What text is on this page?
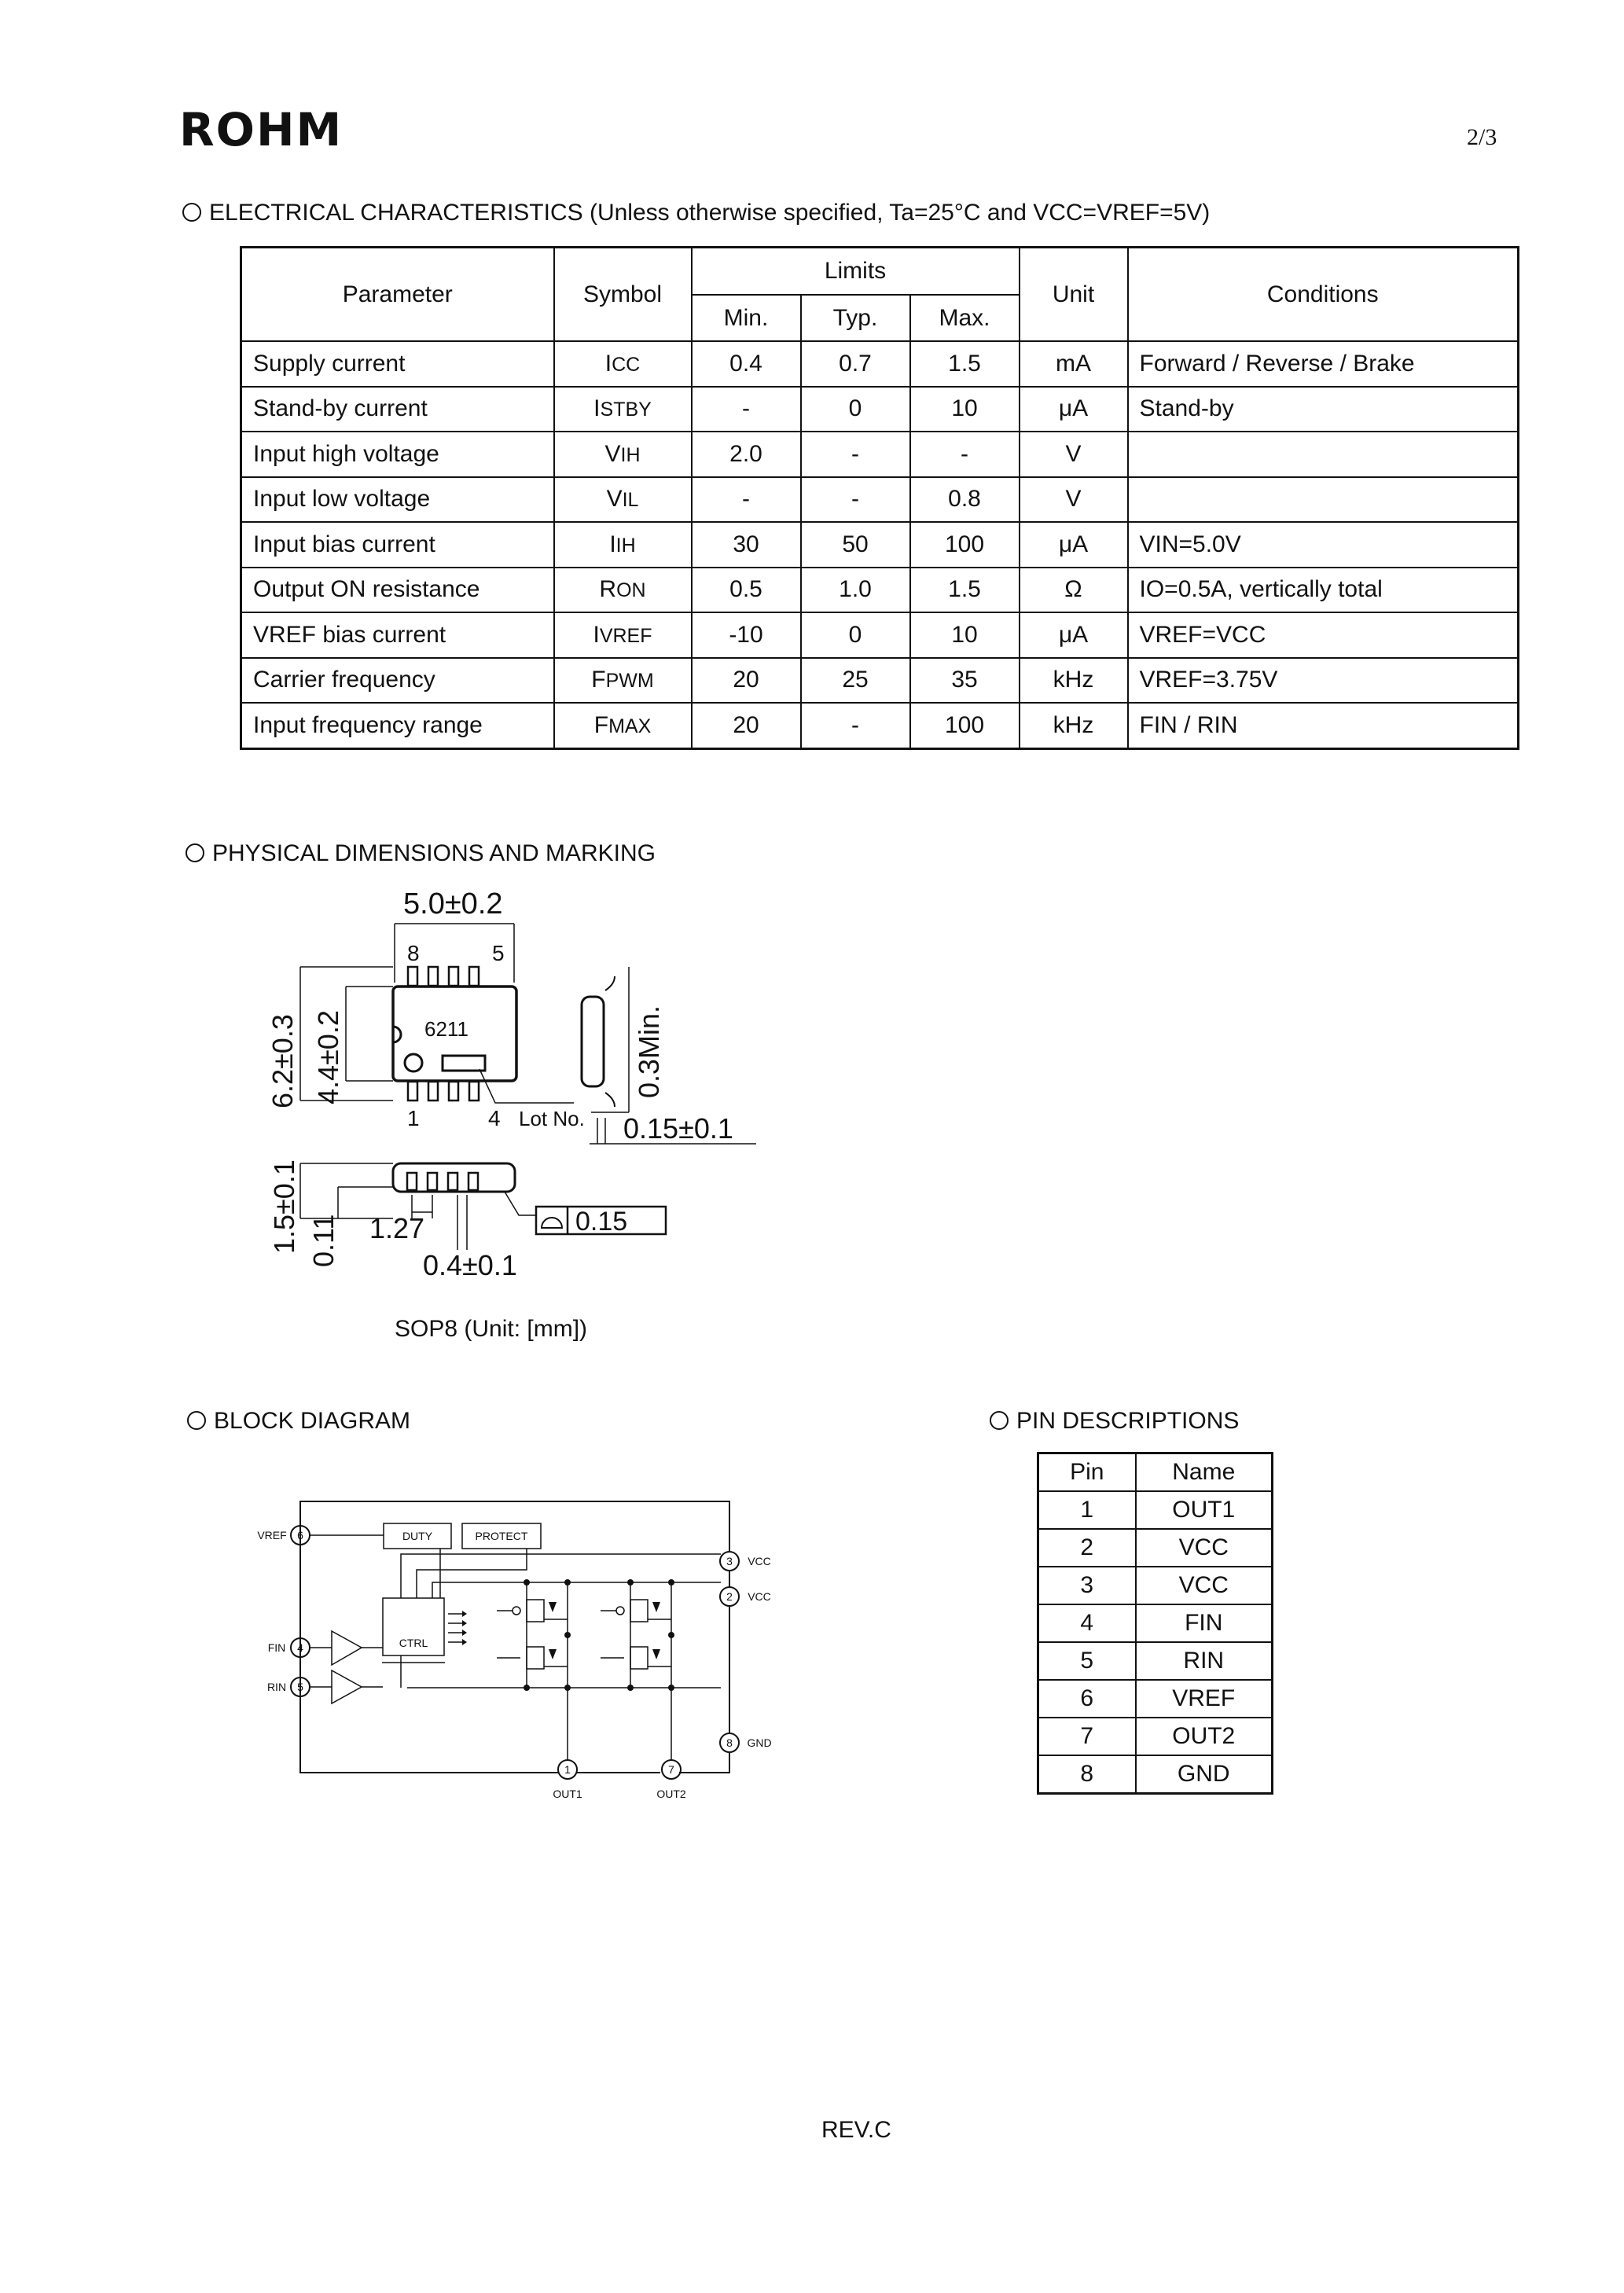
ROHM	2/3
ELECTRICAL CHARACTERISTICS (Unless otherwise specified, Ta=25°C and VCC=VREF=5V)
Parameter	Symbol	Limits			Unit	Conditions
		Min.	Typ.	Max.		
Supply current	ICC	0.4	0.7	1.5	mA	Forward / Reverse / Brake
Stand-by current	ISTBY	-	0	10	μA	Stand-by
Input high voltage	VIH	2.0	-	-	V	
Input low voltage	VIL	-	-	0.8	V	
Input bias current	IIH	30	50	100	μA	VIN=5.0V
Output ON resistance	RON	0.5	1.0	1.5	Ω	IO=0.5A, vertically total
VREF bias current	IVREF	-10	0	10	μA	VREF=VCC
Carrier frequency	FPWM	20	25	35	kHz	VREF=3.75V
Input frequency range	FMAX	20	-	100	kHz	FIN / RIN
PHYSICAL DIMENSIONS AND MARKING
5.0±0.2
8	5
6211
1	4 Lot No.
6.2±0.3 4.4±0.2	0.3Min.
0.15±0.1
1.5±0.1 0.11 1.27
0.4±0.1
0.15
SOP8 (Unit: [mm])
BLOCK DIAGRAM
DUTY	PROTECT
CTRL
VREF
FIN
RIN
VCC
VCC
GND
OUT1	OUT2
6
4
5
3
2
8
1	7
PIN DESCRIPTIONS
Pin	Name
1	OUT1
2	VCC
3	VCC
4	FIN
5	RIN
6	VREF
7	OUT2
8	GND
REV.C
